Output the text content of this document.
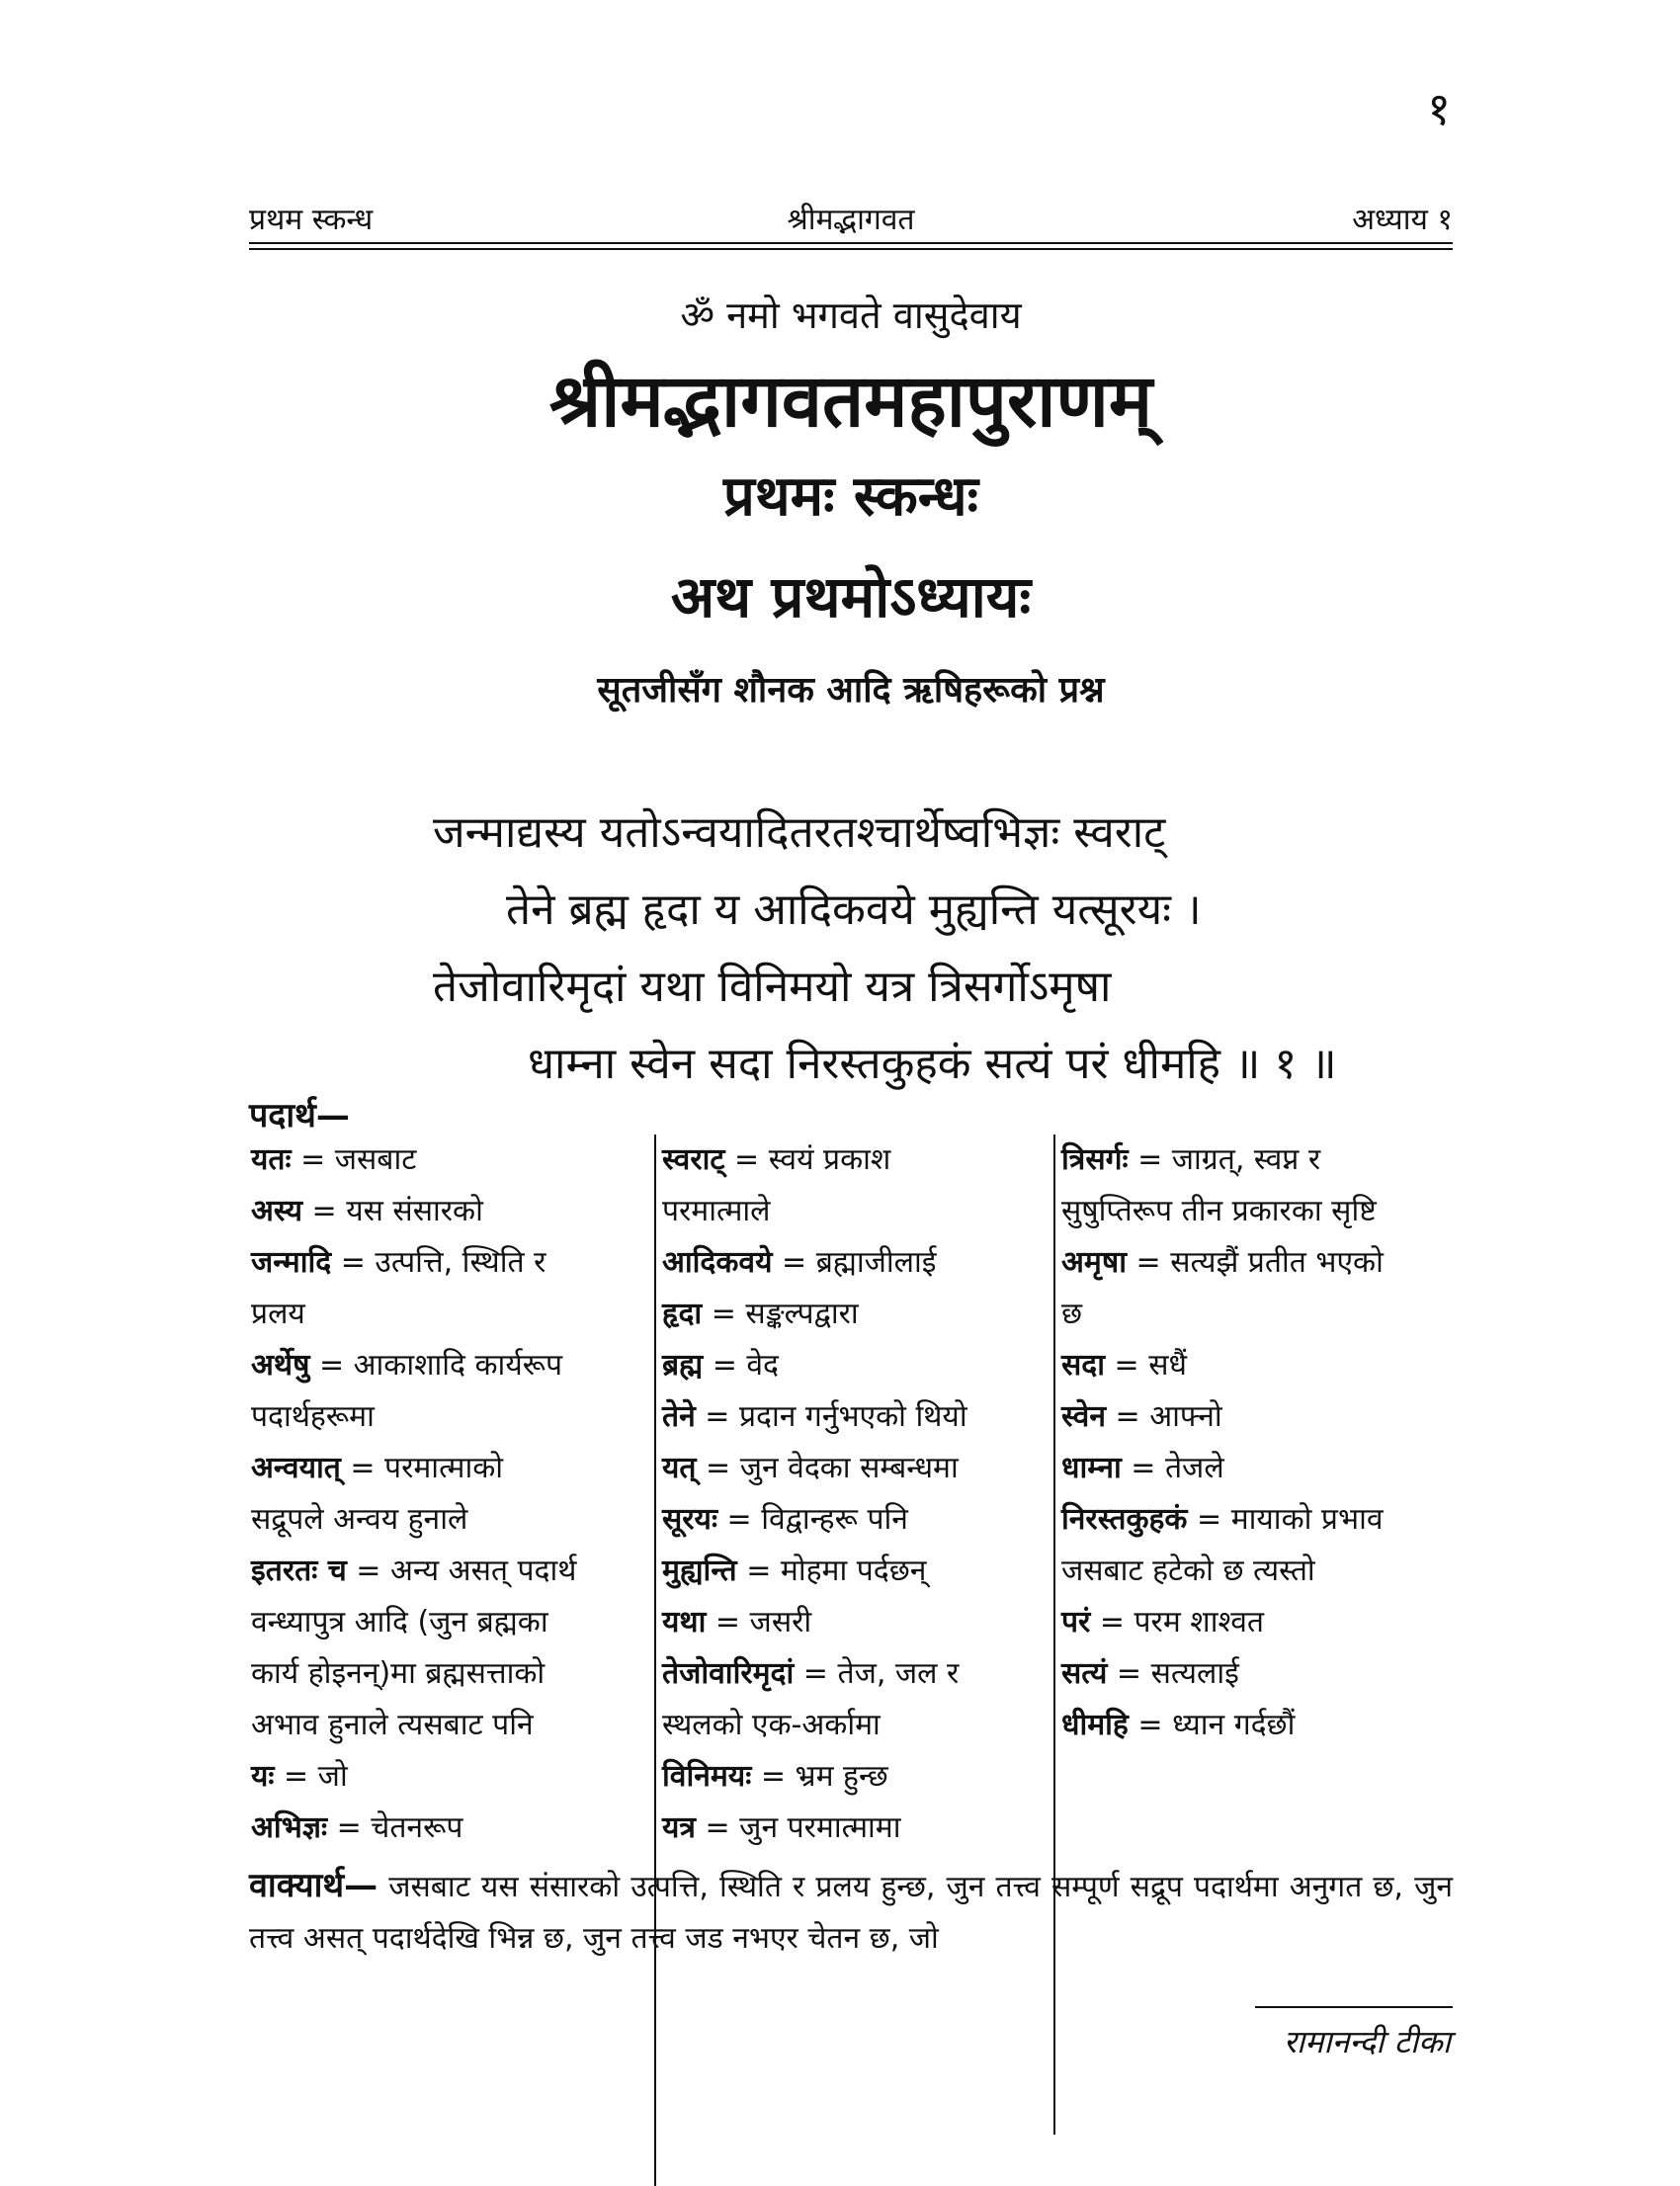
१
प्रथम स्कन्ध	श्रीमद्भागवत	अध्याय १
ॐ नमो भगवते वासुदेवाय
श्रीमद्भागवतमहापुराणम्
प्रथमः स्कन्धः
अथ प्रथमोऽध्यायः
सूतजीसँग शौनक आदि ऋषिहरूको प्रश्न
जन्माद्यस्य यतोऽन्वयादितरतश्चार्थेष्वभिज्ञः स्वराट्
तेने ब्रह्म हृदा य आदिकवये मुह्यन्ति यत्सूरयः ।
तेजोवारिमृदां यथा विनिमयो यत्र त्रिसर्गोऽमृषा
धाम्ना स्वेन सदा निरस्तकुहकं सत्यं परं धीमहि ॥ १ ॥
पदार्थ—
यतः = जसबाट
अस्य = यस संसारको
जन्मादि = उत्पत्ति, स्थिति र
प्रलय
अर्थेषु = आकाशादि कार्यरूप
पदार्थहरूमा
अन्वयात् = परमात्माको
सद्रूपले अन्वय हुनाले
इतरतः च = अन्य असत् पदार्थ
वन्ध्यापुत्र आदि (जुन ब्रह्मका
कार्य होइनन्)मा ब्रह्मसत्ताको
अभाव हुनाले त्यसबाट पनि
यः = जो
अभिज्ञः = चेतनरूप
स्वराट् = स्वयं प्रकाश
परमात्माले
आदिकवये = ब्रह्माजीलाई
हृदा = सङ्कल्पद्वारा
ब्रह्म = वेद
तेने = प्रदान गर्नुभएको थियो
यत् = जुन वेदका सम्बन्धमा
सूरयः = विद्वान्हरू पनि
मुह्यन्ति = मोहमा पर्दछन्
यथा = जसरी
तेजोवारिमृदां = तेज, जल र
स्थलको एक-अर्कामा
विनिमयः = भ्रम हुन्छ
यत्र = जुन परमात्मामा
त्रिसर्गः = जाग्रत्, स्वप्न र
सुषुप्तिरूप तीन प्रकारका सृष्टि
अमृषा = सत्यझैं प्रतीत भएको
छ
सदा = सधैं
स्वेन = आफ्नो
धाम्ना = तेजले
निरस्तकुहकं = मायाको प्रभाव
जसबाट हटेको छ त्यस्तो
परं = परम शाश्वत
सत्यं = सत्यलाई
धीमहि = ध्यान गर्दछौं
वाक्यार्थ— जसबाट यस संसारको उत्पत्ति, स्थिति र प्रलय हुन्छ, जुन तत्त्व सम्पूर्ण सद्रूप पदार्थमा अनुगत छ, जुन तत्त्व असत् पदार्थदेखि भिन्न छ, जुन तत्त्व जड नभएर चेतन छ, जो
रामानन्दी टीका
